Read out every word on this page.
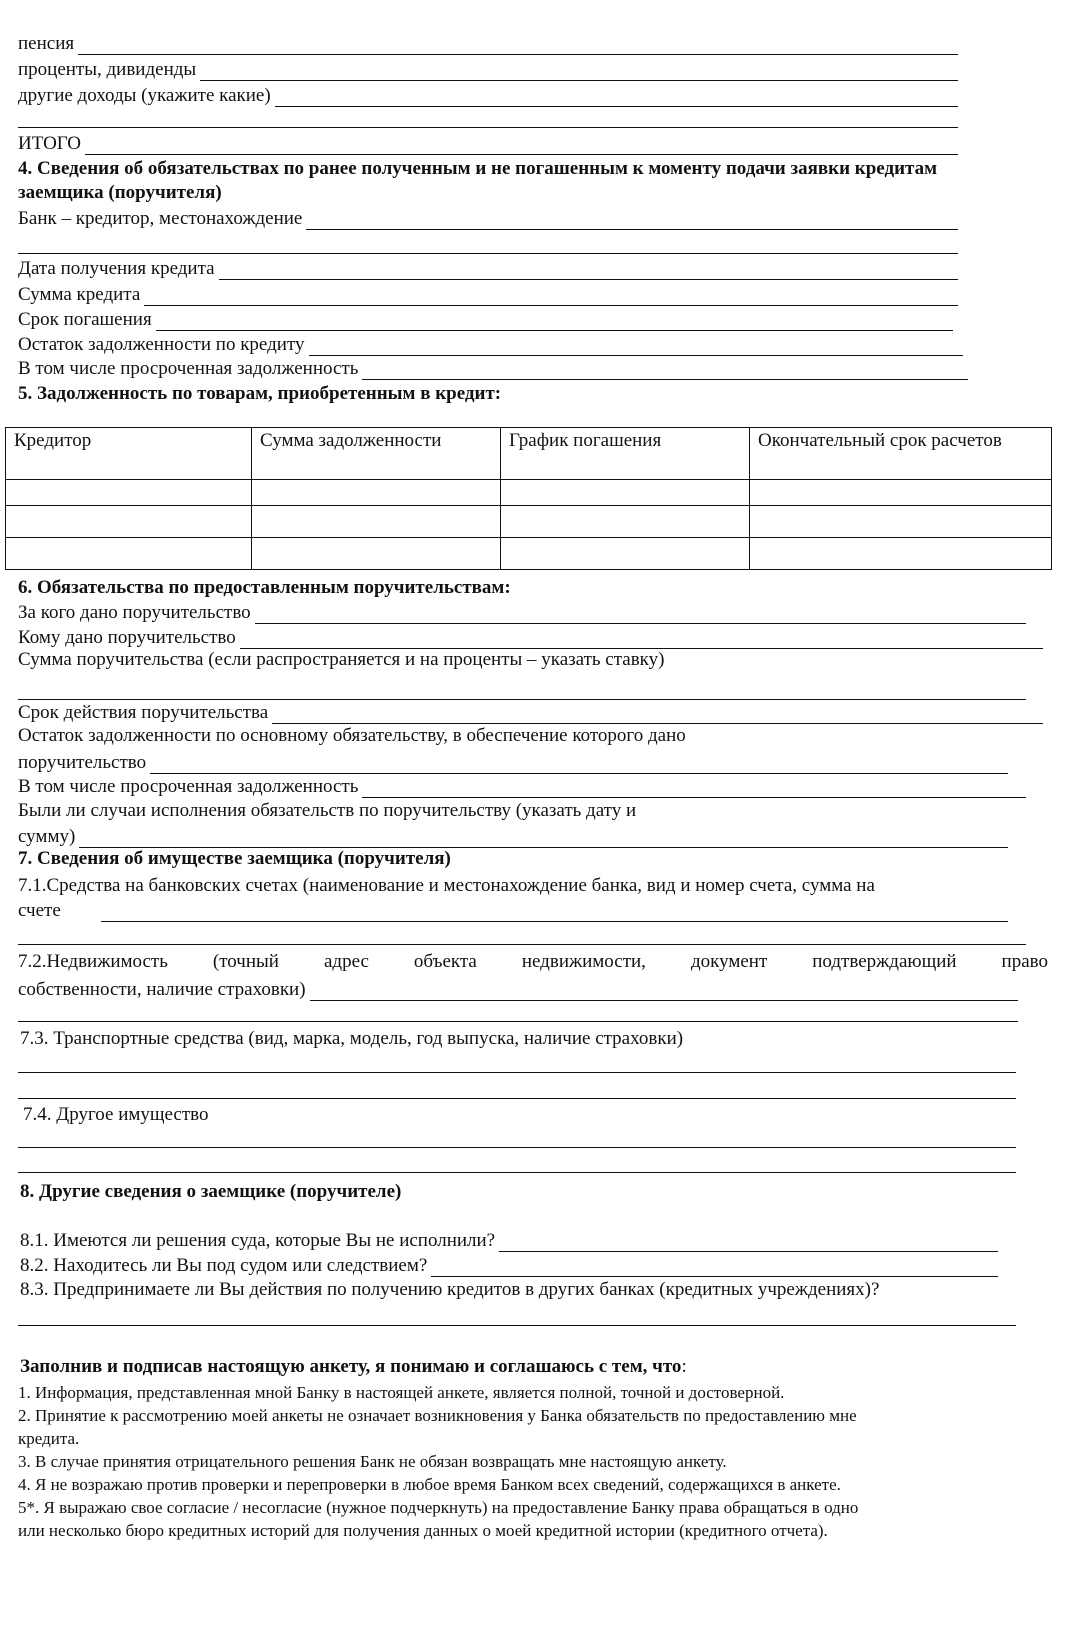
пенсия
проценты, дивиденды
другие доходы (укажите какие)
ИТОГО
4. Сведения об обязательствах по ранее полученным и не погашенным к моменту подачи заявки кредитам заемщика (поручителя)
Банк – кредитор, местонахождение
Дата получения кредита
Сумма кредита
Срок погашения
Остаток задолженности по кредиту
В том числе просроченная задолженность
5. Задолженность по товарам, приобретенным в кредит:
Кредитор	Сумма задолженности	График погашения	Окончательный срок расчетов

6. Обязательства по предоставленным поручительствам:
За кого дано поручительство
Кому дано поручительство
Сумма поручительства (если распространяется и на проценты – указать ставку)
Срок действия поручительства
Остаток задолженности по основному обязательству, в обеспечение которого дано
поручительство
В том числе просроченная задолженность
Были ли случаи исполнения обязательств по поручительству (указать дату и
сумму)
7. Сведения об имуществе заемщика (поручителя)
7.1.Средства на банковских счетах (наименование и местонахождение банка, вид и номер счета, сумма на
счете
7.2.Недвижимость (точный адрес объекта недвижимости, документ подтверждающий право
собственности, наличие страховки)
7.3. Транспортные средства (вид, марка, модель, год выпуска, наличие страховки)
7.4. Другое имущество
8. Другие сведения о заемщике (поручителе)
8.1. Имеются ли решения суда, которые Вы не исполнили?
8.2. Находитесь ли Вы под судом или следствием?
8.3. Предпринимаете ли Вы действия по получению кредитов в других банках (кредитных учреждениях)?
Заполнив и подписав настоящую анкету, я понимаю и соглашаюсь с тем, что:
1. Информация, представленная мной Банку в настоящей анкете, является полной, точной и достоверной.
2. Принятие к рассмотрению моей анкеты не означает возникновения у Банка обязательств по предоставлению мне
кредита.
3. В случае принятия отрицательного решения Банк не обязан возвращать мне настоящую анкету.
4. Я не возражаю против проверки и перепроверки в любое время Банком всех сведений, содержащихся в анкете.
5*. Я выражаю свое согласие / несогласие (нужное подчеркнуть) на предоставление Банку права обращаться в одно
или несколько бюро кредитных историй для получения данных о моей кредитной истории (кредитного отчета).
